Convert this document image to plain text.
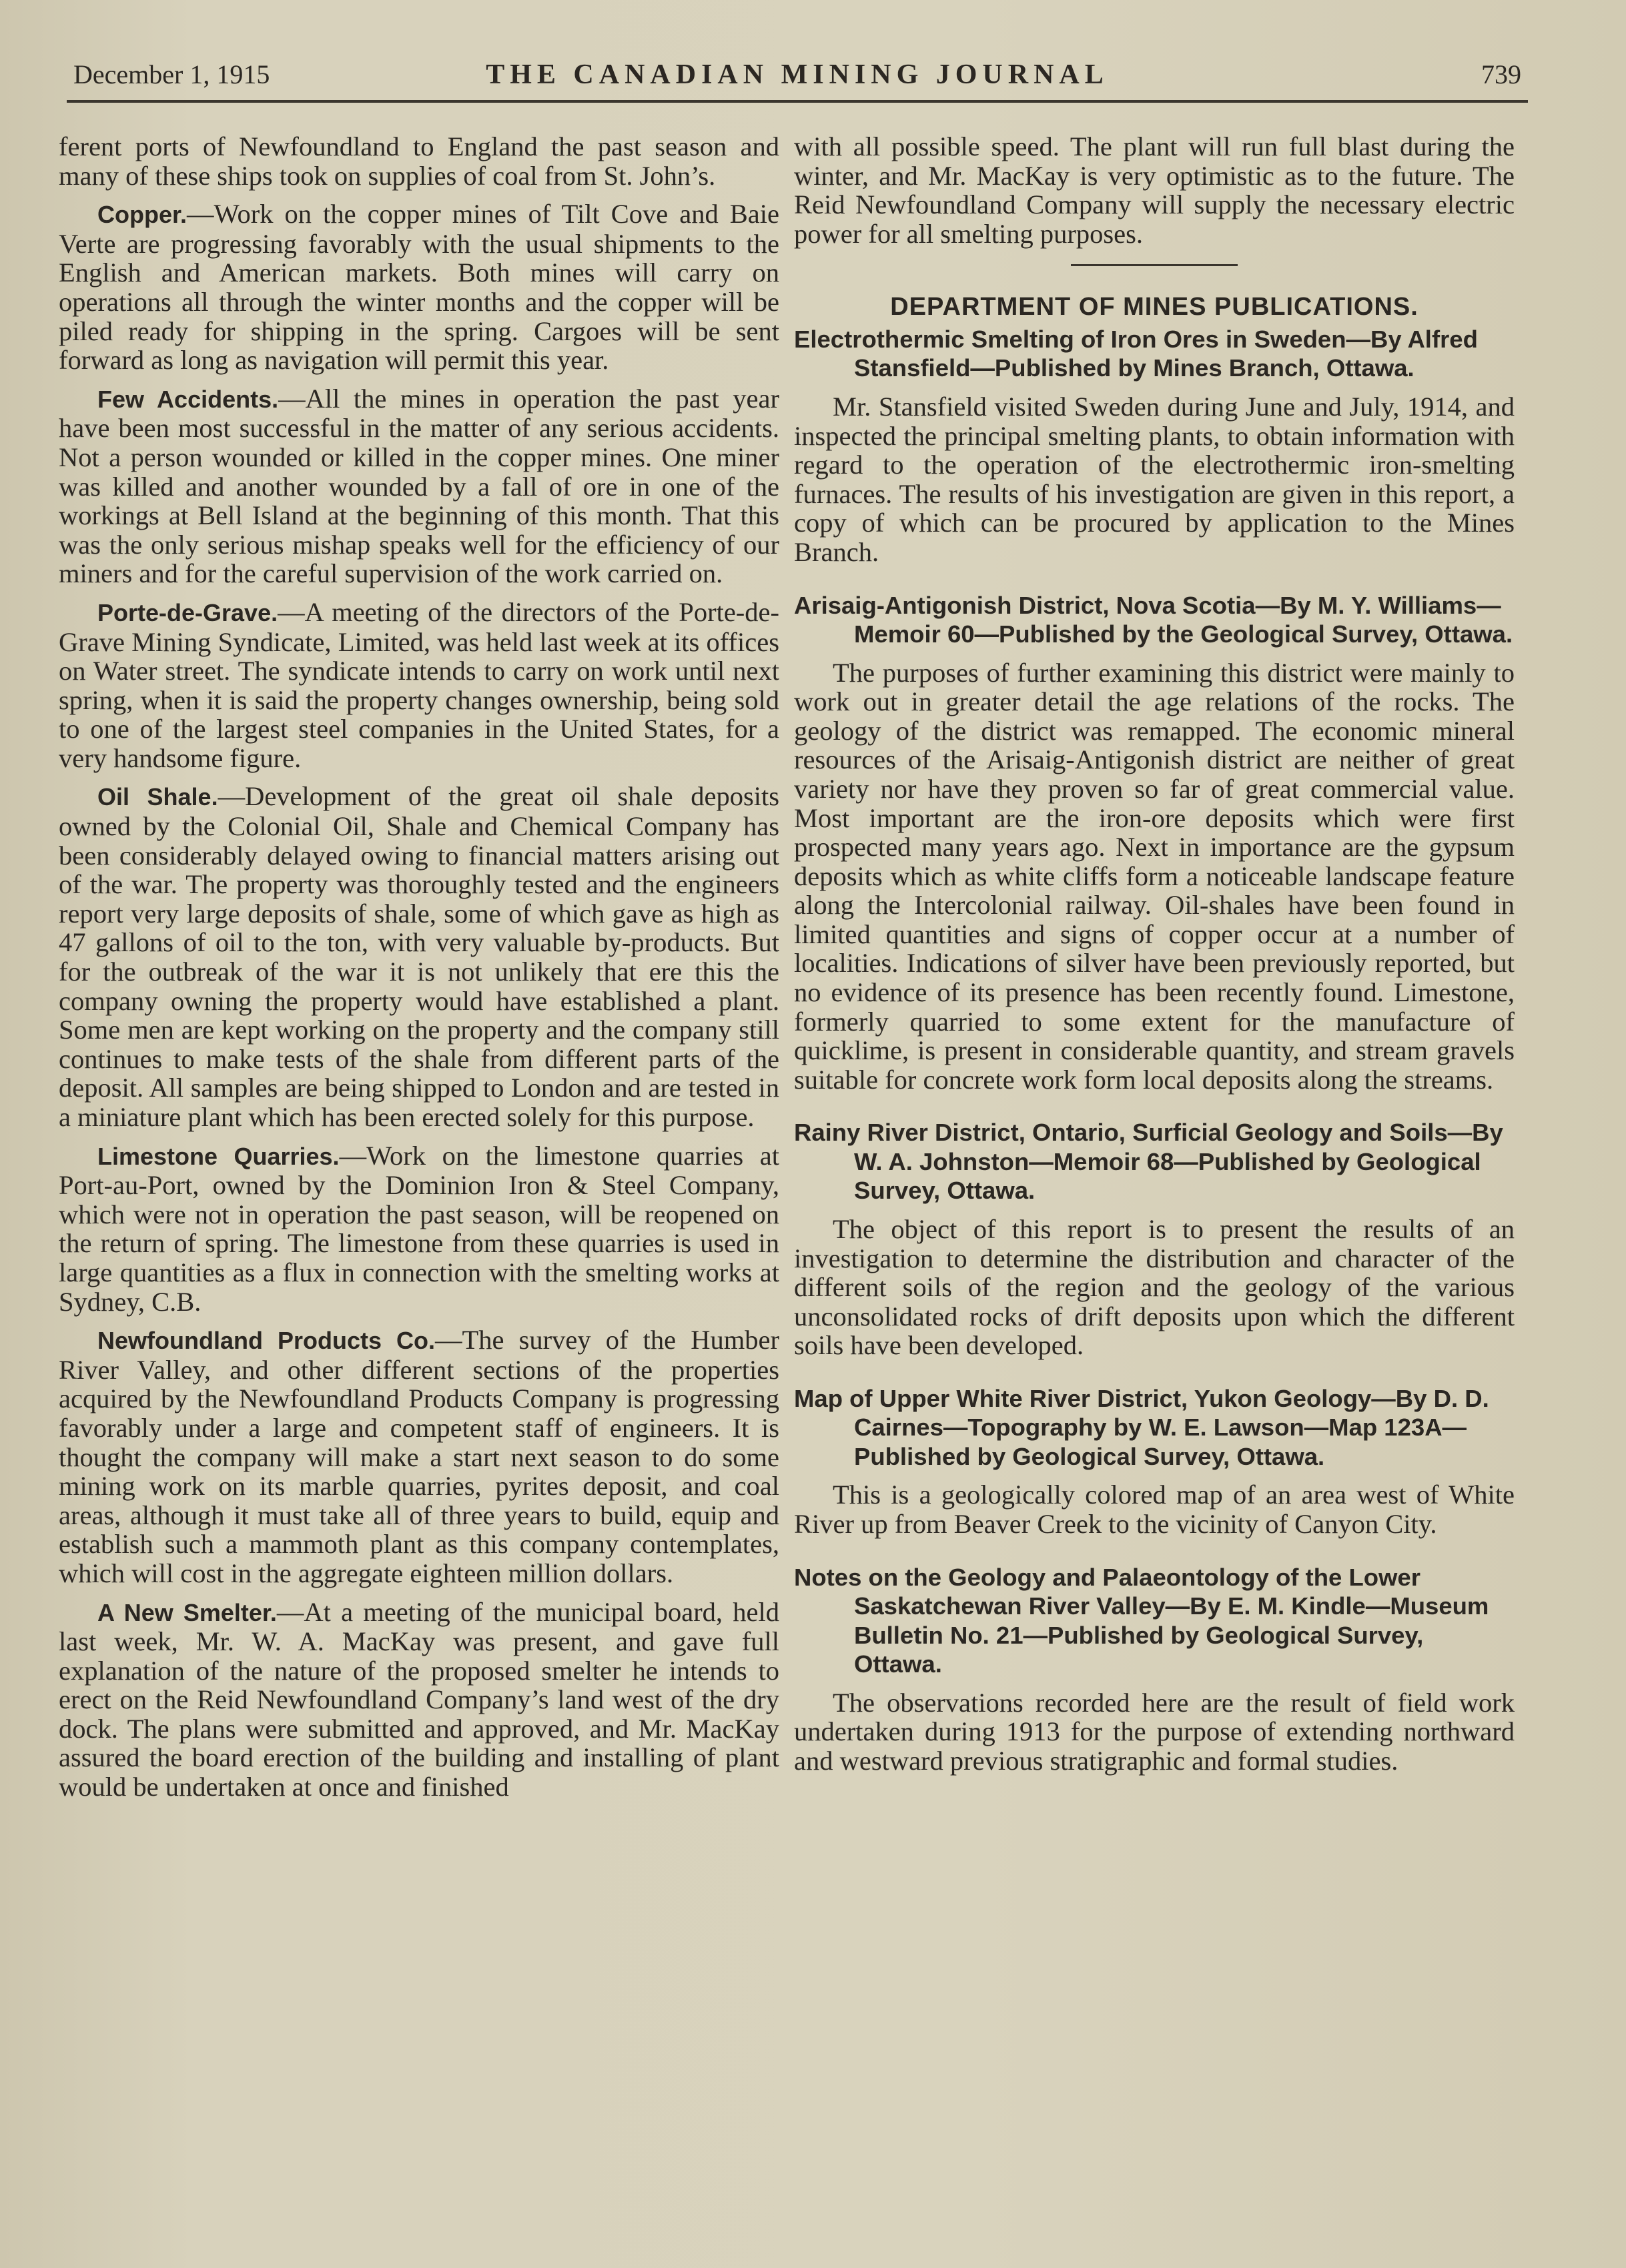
December 1, 1915	THE CANADIAN MINING JOURNAL	739

ferent ports of Newfoundland to England the past season and many of these ships took on supplies of coal from St. John’s.

Copper.—Work on the copper mines of Tilt Cove and Baie Verte are progressing favorably with the usual shipments to the English and American markets. Both mines will carry on operations all through the winter months and the copper will be piled ready for shipping in the spring. Cargoes will be sent forward as long as navigation will permit this year.

Few Accidents.—All the mines in operation the past year have been most successful in the matter of any serious accidents. Not a person wounded or killed in the copper mines. One miner was killed and another wounded by a fall of ore in one of the workings at Bell Island at the beginning of this month. That this was the only serious mishap speaks well for the efficiency of our miners and for the careful supervision of the work carried on.

Porte-de-Grave.—A meeting of the directors of the Porte-de-Grave Mining Syndicate, Limited, was held last week at its offices on Water street. The syndicate intends to carry on work until next spring, when it is said the property changes ownership, being sold to one of the largest steel companies in the United States, for a very handsome figure.

Oil Shale.—Development of the great oil shale deposits owned by the Colonial Oil, Shale and Chemical Company has been considerably delayed owing to financial matters arising out of the war. The property was thoroughly tested and the engineers report very large deposits of shale, some of which gave as high as 47 gallons of oil to the ton, with very valuable by-products. But for the outbreak of the war it is not unlikely that ere this the company owning the property would have established a plant. Some men are kept working on the property and the company still continues to make tests of the shale from different parts of the deposit. All samples are being shipped to London and are tested in a miniature plant which has been erected solely for this purpose.

Limestone Quarries.—Work on the limestone quarries at Port-au-Port, owned by the Dominion Iron & Steel Company, which were not in operation the past season, will be reopened on the return of spring. The limestone from these quarries is used in large quantities as a flux in connection with the smelting works at Sydney, C.B.

Newfoundland Products Co.—The survey of the Humber River Valley, and other different sections of the properties acquired by the Newfoundland Products Company is progressing favorably under a large and competent staff of engineers. It is thought the company will make a start next season to do some mining work on its marble quarries, pyrites deposit, and coal areas, although it must take all of three years to build, equip and establish such a mammoth plant as this company contemplates, which will cost in the aggregate eighteen million dollars.

A New Smelter.—At a meeting of the municipal board, held last week, Mr. W. A. MacKay was present, and gave full explanation of the nature of the proposed smelter he intends to erect on the Reid Newfoundland Company’s land west of the dry dock. The plans were submitted and approved, and Mr. MacKay assured the board erection of the building and installing of plant would be undertaken at once and finished

with all possible speed. The plant will run full blast during the winter, and Mr. MacKay is very optimistic as to the future. The Reid Newfoundland Company will supply the necessary electric power for all smelting purposes.

DEPARTMENT OF MINES PUBLICATIONS.

Electrothermic Smelting of Iron Ores in Sweden—By Alfred Stansfield—Published by Mines Branch, Ottawa.

Mr. Stansfield visited Sweden during June and July, 1914, and inspected the principal smelting plants, to obtain information with regard to the operation of the electrothermic iron-smelting furnaces. The results of his investigation are given in this report, a copy of which can be procured by application to the Mines Branch.

Arisaig-Antigonish District, Nova Scotia—By M. Y. Williams—Memoir 60—Published by the Geological Survey, Ottawa.

The purposes of further examining this district were mainly to work out in greater detail the age relations of the rocks. The geology of the district was remapped. The economic mineral resources of the Arisaig-Antigonish district are neither of great variety nor have they proven so far of great commercial value. Most important are the iron-ore deposits which were first prospected many years ago. Next in importance are the gypsum deposits which as white cliffs form a noticeable landscape feature along the Intercolonial railway. Oil-shales have been found in limited quantities and signs of copper occur at a number of localities. Indications of silver have been previously reported, but no evidence of its presence has been recently found. Limestone, formerly quarried to some extent for the manufacture of quicklime, is present in considerable quantity, and stream gravels suitable for concrete work form local deposits along the streams.

Rainy River District, Ontario, Surficial Geology and Soils—By W. A. Johnston—Memoir 68—Published by Geological Survey, Ottawa.

The object of this report is to present the results of an investigation to determine the distribution and character of the different soils of the region and the geology of the various unconsolidated rocks of drift deposits upon which the different soils have been developed.

Map of Upper White River District, Yukon Geology—By D. D. Cairnes—Topography by W. E. Lawson—Map 123A—Published by Geological Survey, Ottawa.

This is a geologically colored map of an area west of White River up from Beaver Creek to the vicinity of Canyon City.

Notes on the Geology and Palaeontology of the Lower Saskatchewan River Valley—By E. M. Kindle—Museum Bulletin No. 21—Published by Geological Survey, Ottawa.

The observations recorded here are the result of field work undertaken during 1913 for the purpose of extending northward and westward previous stratigraphic and formal studies.
